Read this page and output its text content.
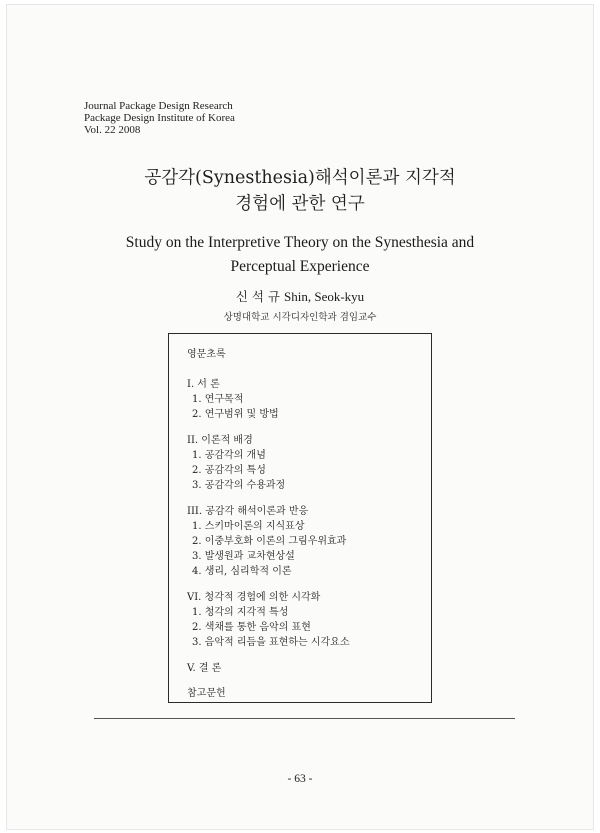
Journal Package Design Research
Package Design Institute of Korea
Vol. 22 2008
공감각(Synesthesia)해석이론과 지각적
경험에 관한 연구
Study on the Interpretive Theory on the Synesthesia and
Perceptual Experience
신 석 규 Shin, Seok-kyu
상명대학교 시각디자인학과 겸임교수
영문초록
I. 서 론
1. 연구목적
2. 연구범위 및 방법
II. 이론적 배경
1. 공감각의 개념
2. 공감각의 특성
3. 공감각의 수용과정
III. 공감각 해석이론과 반응
1. 스키마이론의 지식표상
2. 이중부호화 이론의 그림우위효과
3. 발생원과 교차현상설
4. 생리, 심리학적 이론
VI. 청각적 경험에 의한 시각화
1. 청각의 지각적 특성
2. 색채를 통한 음악의 표현
3. 음악적 리듬을 표현하는 시각요소
V. 결 론
참고문헌
- 63 -
